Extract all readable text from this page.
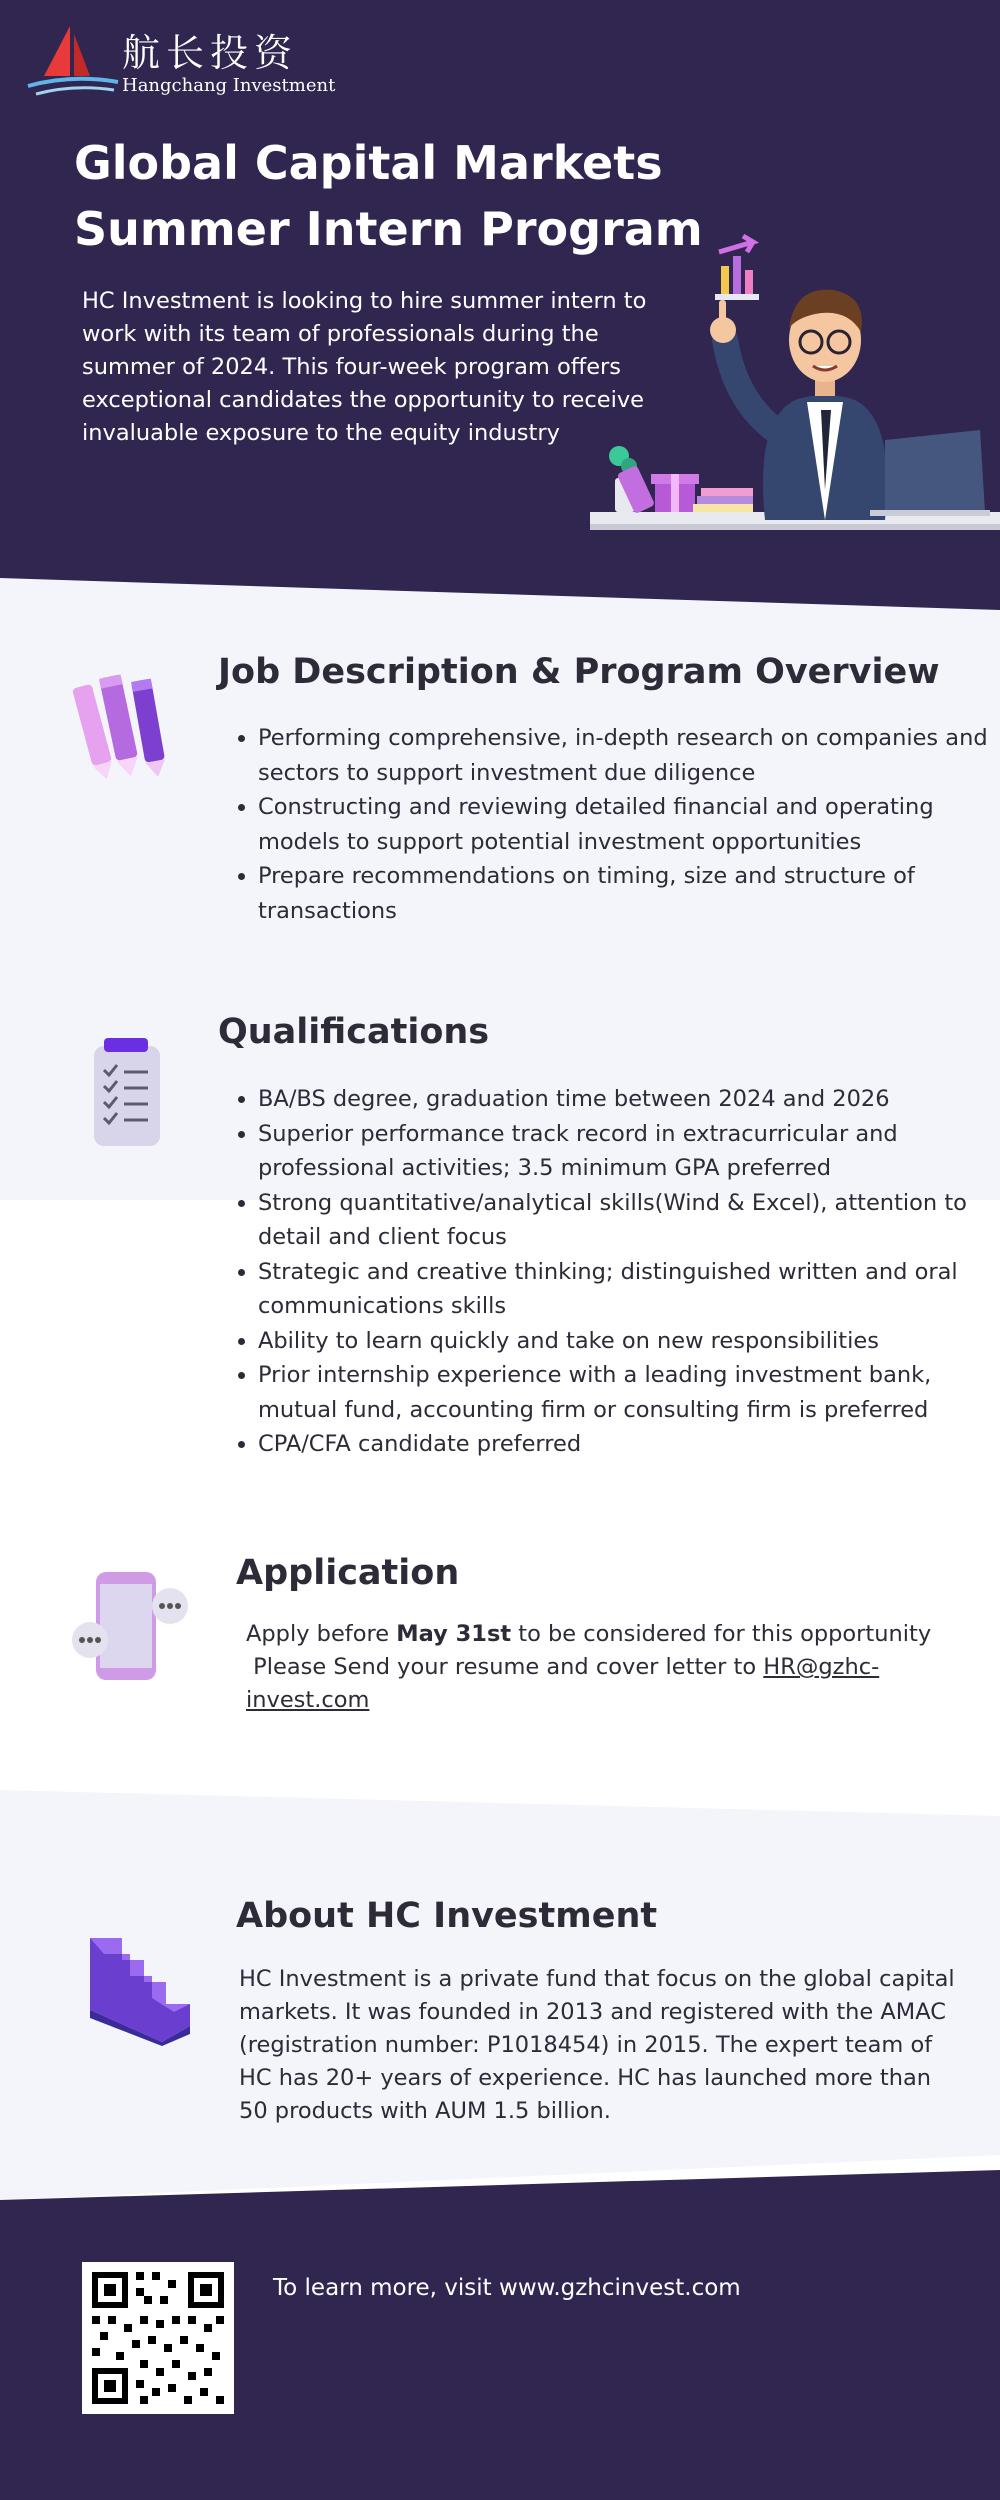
航长投资
Hangchang Investment
Global Capital Markets
Summer Intern Program
HC Investment is looking to hire summer intern to work with its team of professionals during the summer of 2024. This four-week program offers exceptional candidates the opportunity to receive invaluable exposure to the equity industry
Job Description & Program Overview
• Performing comprehensive, in-depth research on companies and sectors to support investment due diligence
• Constructing and reviewing detailed financial and operating models to support potential investment opportunities
• Prepare recommendations on timing, size and structure of transactions
Qualifications
• BA/BS degree, graduation time between 2024 and 2026
• Superior performance track record in extracurricular and professional activities; 3.5 minimum GPA preferred
• Strong quantitative/analytical skills(Wind & Excel), attention to detail and client focus
• Strategic and creative thinking; distinguished written and oral communications skills
• Ability to learn quickly and take on new responsibilities
• Prior internship experience with a leading investment bank, mutual fund, accounting firm or consulting firm is preferred
• CPA/CFA candidate preferred
Application

Apply before May 31st to be considered for this opportunity
Please Send your resume and cover letter to HR@gzhc-invest.com

About HC Investment

HC Investment is a private fund that focus on the global capital markets. It was founded in 2013 and registered with the AMAC (registration number: P1018454) in 2015. The expert team of HC has 20+ years of experience. HC has launched more than 50 products with AUM 1.5 billion.

To learn more, visit www.gzhcinvest.com
